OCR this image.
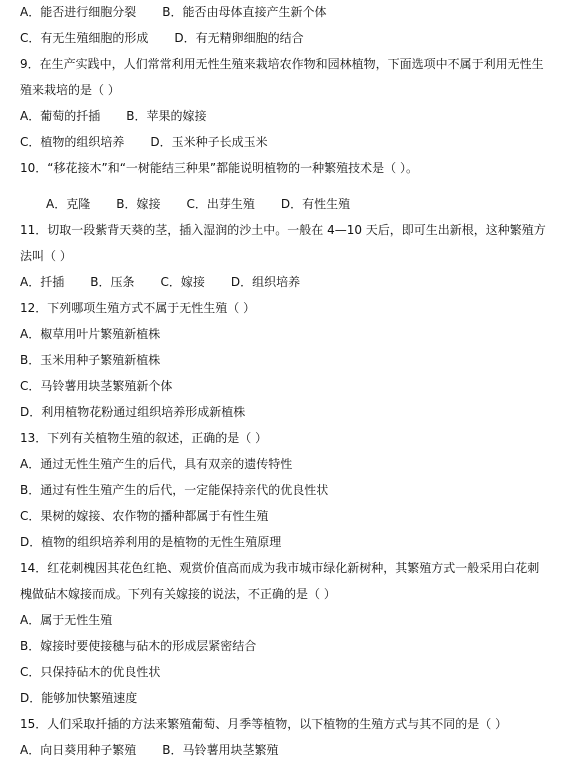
A．能否进行细胞分裂 B．能否由母体直接产生新个体
C．有无生殖细胞的形成 D．有无精卵细胞的结合
9．在生产实践中，人们常常利用无性生殖来栽培农作物和园林植物，下面选项中不属于利用无性生
殖来栽培的是（ ）
A．葡萄的扦插 B．苹果的嫁接
C．植物的组织培养 D．玉米种子长成玉米
10．“移花接木”和“一树能结三种果”都能说明植物的一种繁殖技术是（ ）。
A．克隆 B．嫁接 C．出芽生殖 D．有性生殖
11．切取一段紫背天葵的茎，插入湿润的沙土中。一般在 4—10 天后，即可生出新根，这种繁殖方
法叫（ ）
A．扦插 B．压条 C．嫁接 D．组织培养
12．下列哪项生殖方式不属于无性生殖（ ）
A．椒草用叶片繁殖新植株
B．玉米用种子繁殖新植株
C．马铃薯用块茎繁殖新个体
D．利用植物花粉通过组织培养形成新植株
13．下列有关植物生殖的叙述，正确的是（ ）
A．通过无性生殖产生的后代，具有双亲的遗传特性
B．通过有性生殖产生的后代，一定能保持亲代的优良性状
C．果树的嫁接、农作物的播种都属于有性生殖
D．植物的组织培养利用的是植物的无性生殖原理
14．红花刺槐因其花色红艳、观赏价值高而成为我市城市绿化新树种，其繁殖方式一般采用白花刺
槐做砧木嫁接而成。下列有关嫁接的说法，不正确的是（ ）
A．属于无性生殖
B．嫁接时要使接穗与砧木的形成层紧密结合
C．只保持砧木的优良性状
D．能够加快繁殖速度
15．人们采取扦插的方法来繁殖葡萄、月季等植物，以下植物的生殖方式与其不同的是（ ）
A．向日葵用种子繁殖 B．马铃薯用块茎繁殖
